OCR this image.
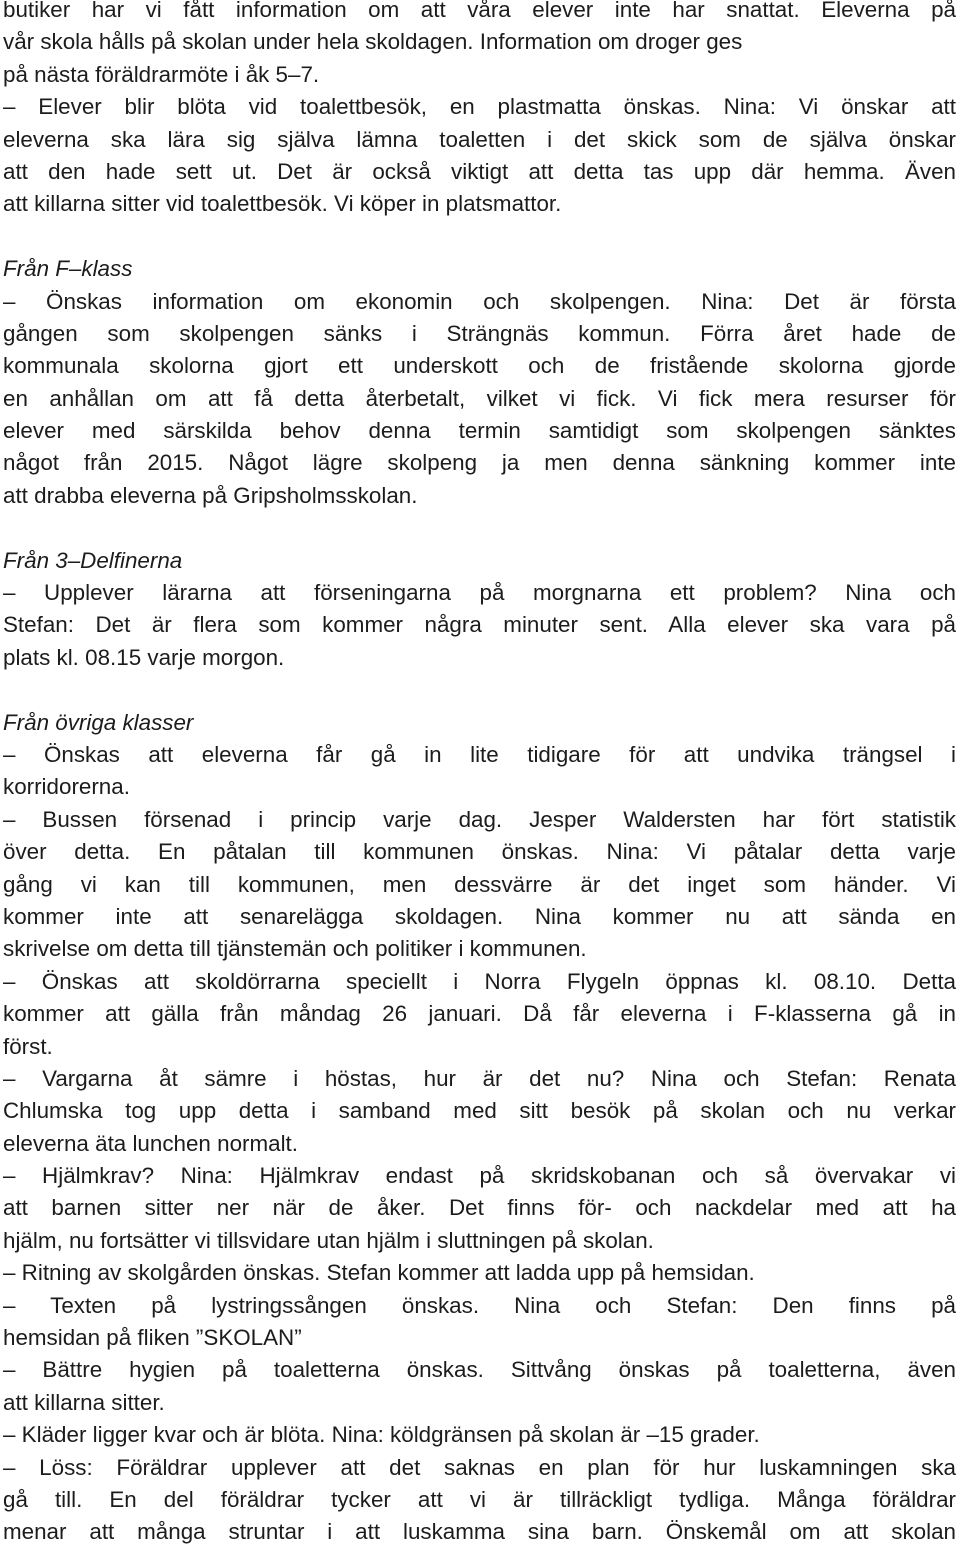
butiker har vi fått information om att våra elever inte har snattat. Eleverna på
vår skola hålls på skolan under hela skoldagen. Information om droger ges
på nästa föräldrarmöte i åk 5–7.
– Elever blir blöta vid toalettbesök, en plastmatta önskas. Nina: Vi önskar att
eleverna ska lära sig själva lämna toaletten i det skick som de själva önskar
att den hade sett ut. Det är också viktigt att detta tas upp där hemma. Även
att killarna sitter vid toalettbesök. Vi köper in platsmattor.
Från F–klass
– Önskas information om ekonomin och skolpengen. Nina: Det är första
gången som skolpengen sänks i Strängnäs kommun. Förra året hade de
kommunala skolorna gjort ett underskott och de fristående skolorna gjorde
en anhållan om att få detta återbetalt, vilket vi fick. Vi fick mera resurser för
elever med särskilda behov denna termin samtidigt som skolpengen sänktes
något från 2015. Något lägre skolpeng ja men denna sänkning kommer inte
att drabba eleverna på Gripsholmsskolan.
Från 3–Delfinerna
– Upplever lärarna att förseningarna på morgnarna ett problem? Nina och
Stefan: Det är flera som kommer några minuter sent. Alla elever ska vara på
plats kl. 08.15 varje morgon.
Från övriga klasser
– Önskas att eleverna får gå in lite tidigare för att undvika trängsel i
korridorerna.
– Bussen försenad i princip varje dag. Jesper Waldersten har fört statistik
över detta. En påtalan till kommunen önskas. Nina: Vi påtalar detta varje
gång vi kan till kommunen, men dessvärre är det inget som händer. Vi
kommer inte att senarelägga skoldagen. Nina kommer nu att sända en
skrivelse om detta till tjänstemän och politiker i kommunen.
– Önskas att skoldörrarna speciellt i Norra Flygeln öppnas kl. 08.10. Detta
kommer att gälla från måndag 26 januari. Då får eleverna i F-klasserna gå in
först.
– Vargarna åt sämre i höstas, hur är det nu? Nina och Stefan: Renata
Chlumska tog upp detta i samband med sitt besök på skolan och nu verkar
eleverna äta lunchen normalt.
– Hjälmkrav? Nina: Hjälmkrav endast på skridskobanan och så övervakar vi
att barnen sitter ner när de åker. Det finns för- och nackdelar med att ha
hjälm, nu fortsätter vi tillsvidare utan hjälm i sluttningen på skolan.
– Ritning av skolgården önskas. Stefan kommer att ladda upp på hemsidan.
– Texten på lystringssången önskas. Nina och Stefan: Den finns på
hemsidan på fliken ”SKOLAN”
– Bättre hygien på toaletterna önskas. Sittvång önskas på toaletterna, även
att killarna sitter.
– Kläder ligger kvar och är blöta. Nina: köldgränsen på skolan är –15 grader.
– Löss: Föräldrar upplever att det saknas en plan för hur luskamningen ska
gå till. En del föräldrar tycker att vi är tillräckligt tydliga. Många föräldrar
menar att många struntar i att luskamma sina barn. Önskemål om att skolan
